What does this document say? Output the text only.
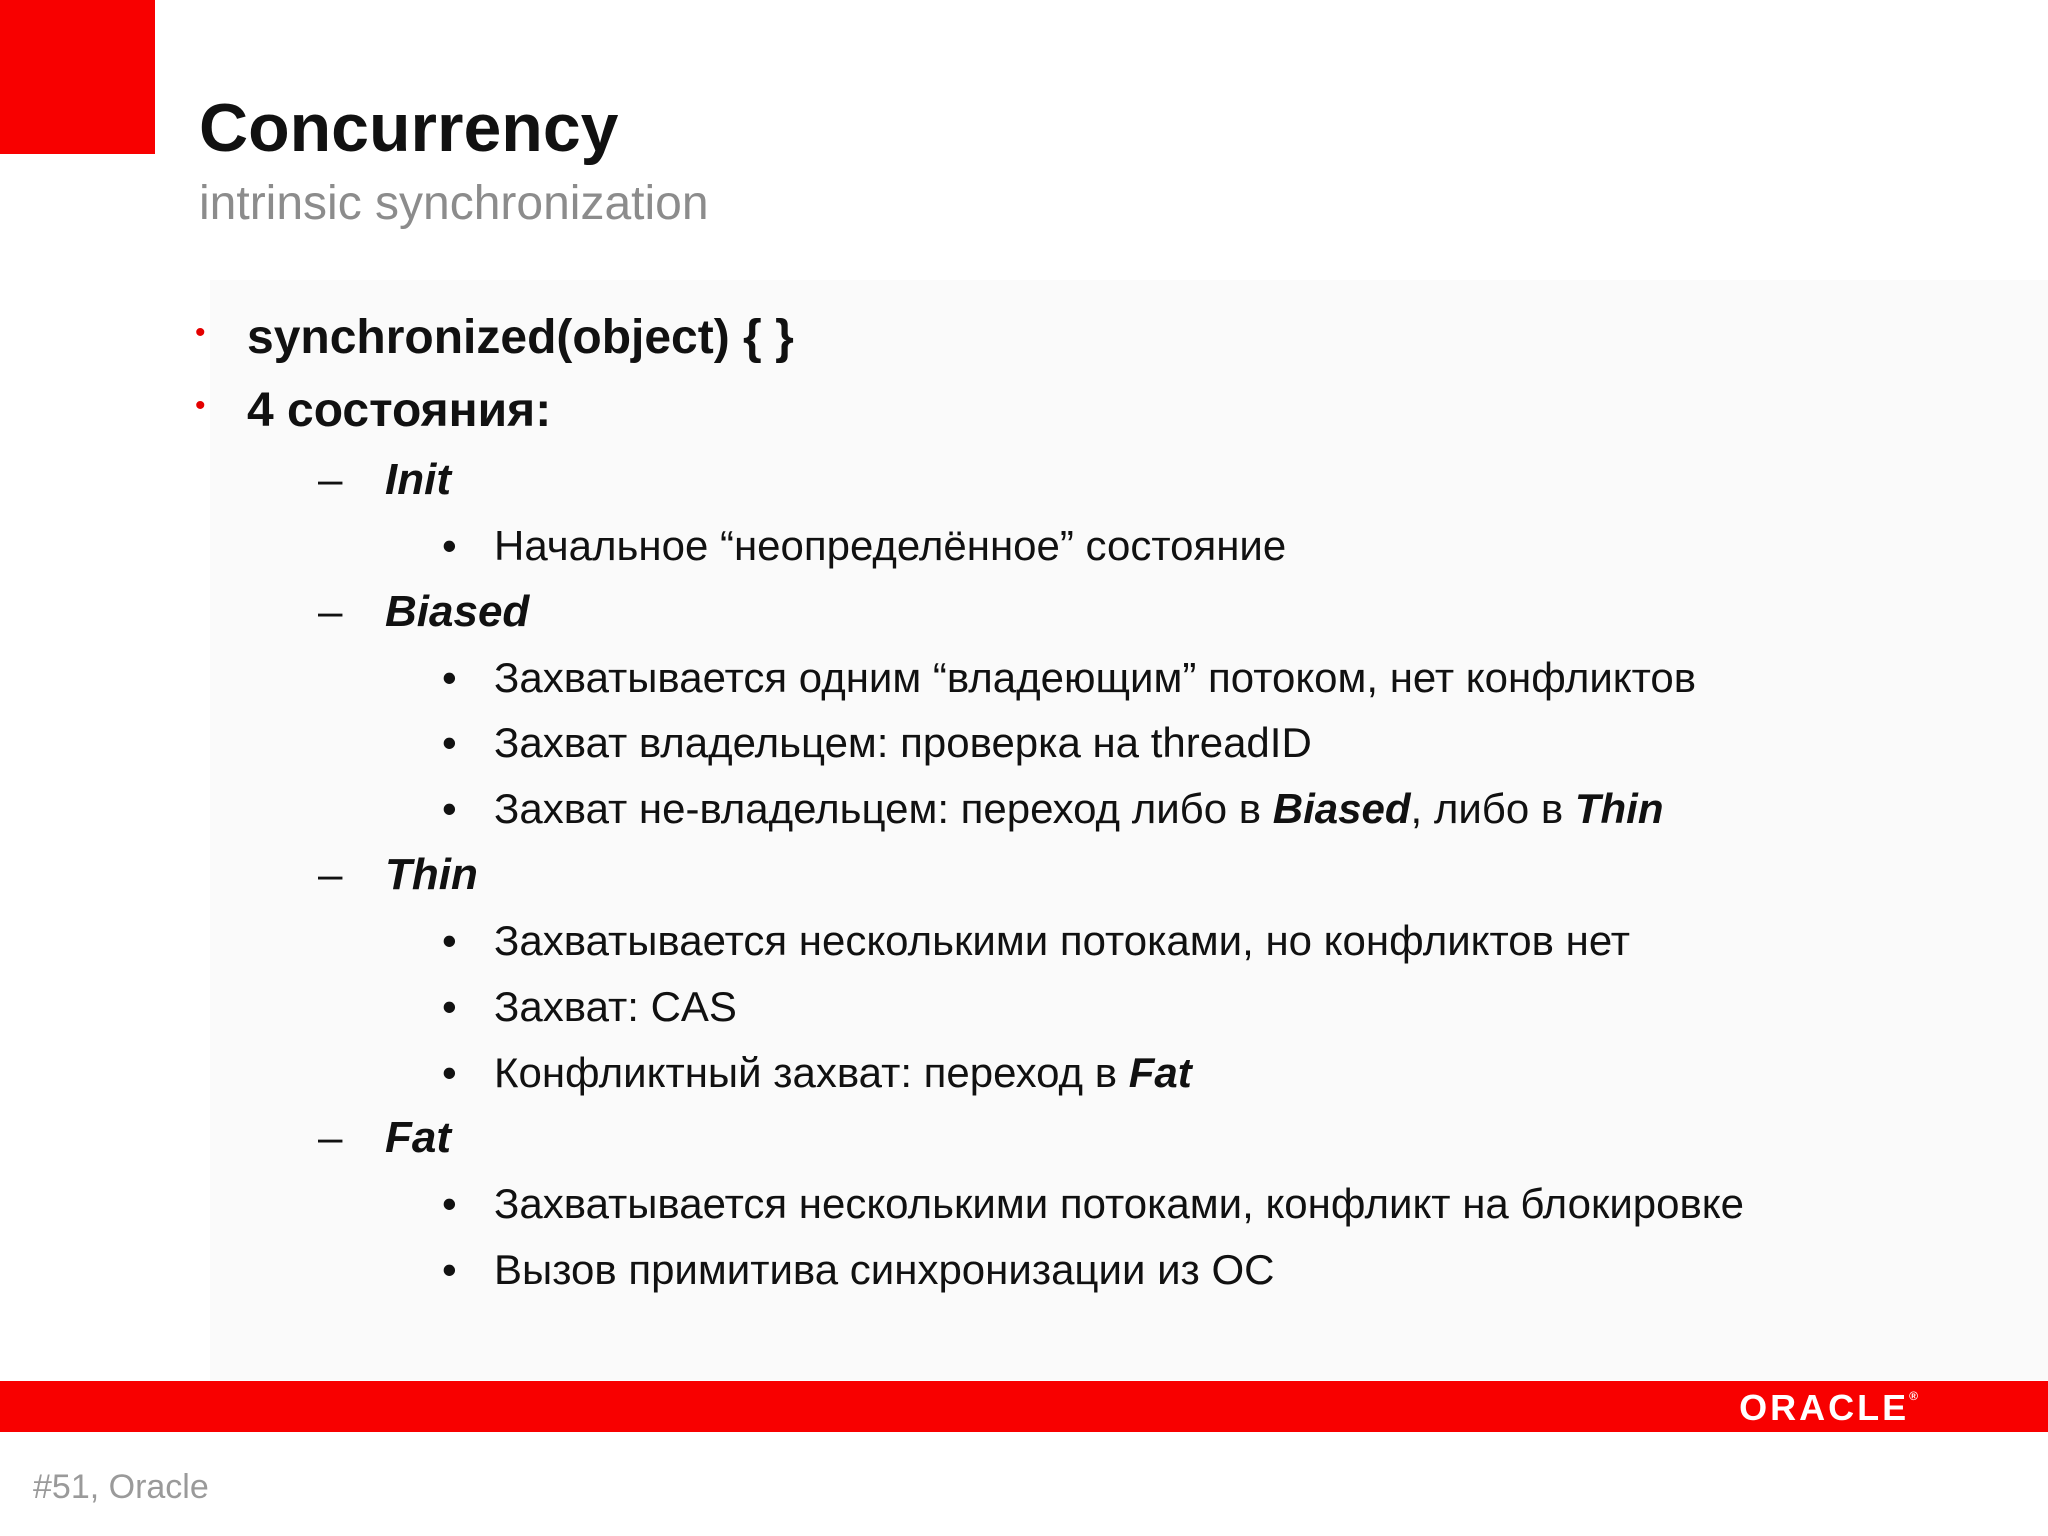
Concurrency
intrinsic synchronization
• synchronized(object) { }
• 4 состояния:
– Init
• Начальное “неопределённое” состояние
– Biased
• Захватывается одним “владеющим” потоком, нет конфликтов
• Захват владельцем: проверка на threadID
• Захват не-владельцем: переход либо в Biased, либо в Thin
– Thin
• Захватывается несколькими потоками, но конфликтов нет
• Захват: CAS
• Конфликтный захват: переход в Fat
– Fat
• Захватывается несколькими потоками, конфликт на блокировке
• Вызов примитива синхронизации из ОС
ORACLE®
#51, Oracle
